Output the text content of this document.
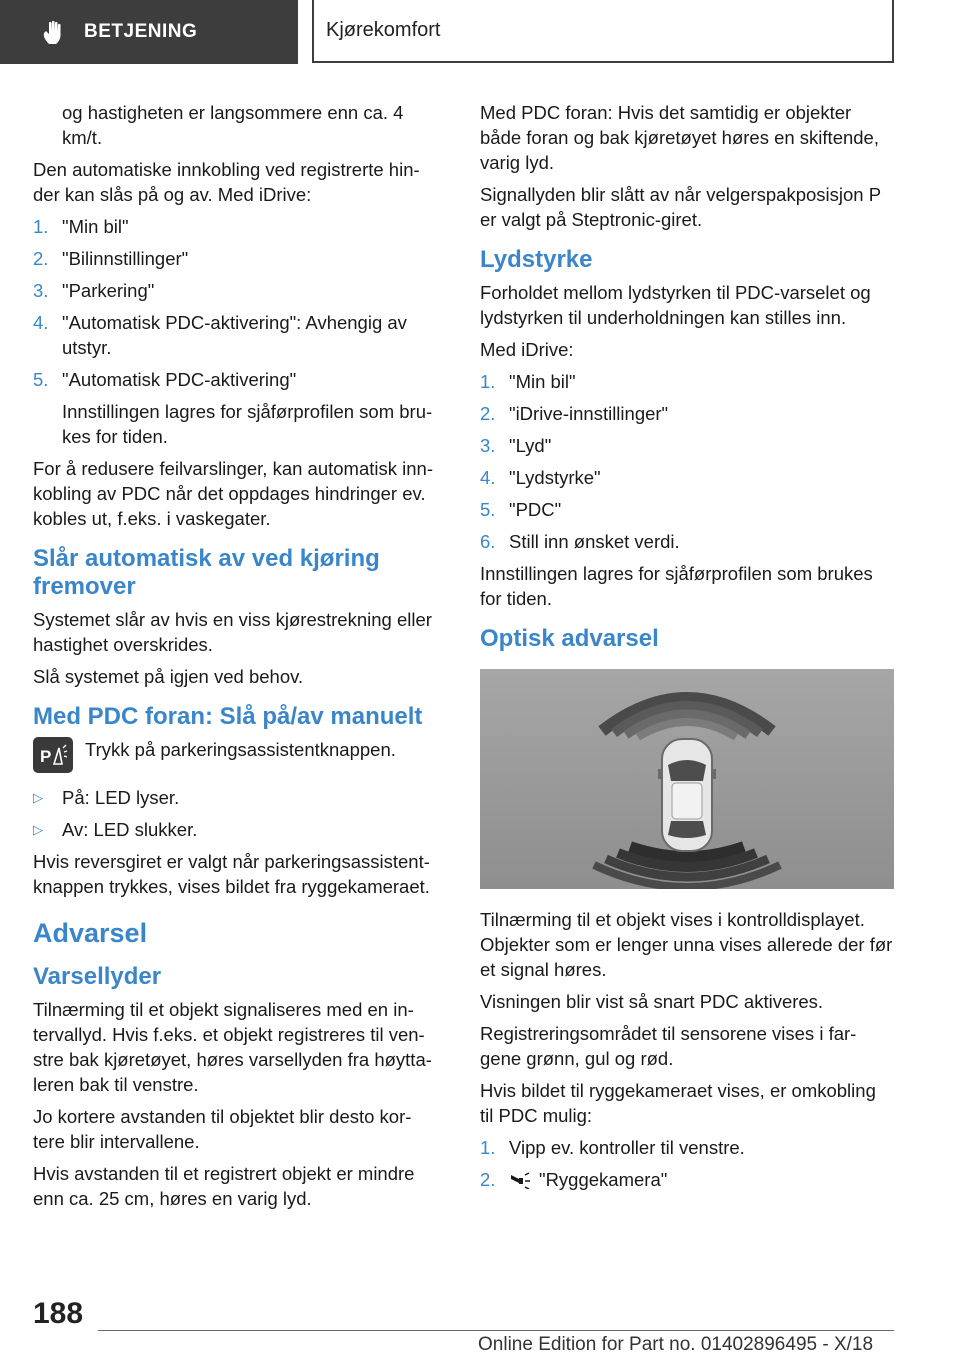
BETJENING	Kjørekomfort

og hastigheten er langsommere enn ca. 4 km/t.

Den automatiske innkobling ved registrerte hin-der kan slås på og av. Med iDrive:

1. "Min bil"
2. "Bilinnstillinger"
3. "Parkering"
4. "Automatisk PDC-aktivering": Avhengig av utstyr.
5. "Automatisk PDC-aktivering"

Innstillingen lagres for sjåførprofilen som bru-kes for tiden.

For å redusere feilvarslinger, kan automatisk inn-kobling av PDC når det oppdages hindringer ev. kobles ut, f.eks. i vaskegater.

Slår automatisk av ved kjøring fremover

Systemet slår av hvis en viss kjørestrekning eller hastighet overskrides.

Slå systemet på igjen ved behov.

Med PDC foran: Slå på/av manuelt
P Trykk på parkeringsassistentknappen.
▷	På: LED lyser.
▷	Av: LED slukker.

Hvis reversgiret er valgt når parkeringsassistent-knappen trykkes, vises bildet fra ryggekameraet.

Advarsel
Varsellyder

Tilnærming til et objekt signaliseres med en in-tervallyd. Hvis f.eks. et objekt registreres til ven-stre bak kjøretøyet, høres varsellyden fra høytta-leren bak til venstre.

Jo kortere avstanden til objektet blir desto kor-tere blir intervallene.

Hvis avstanden til et registrert objekt er mindre enn ca. 25 cm, høres en varig lyd.

Med PDC foran: Hvis det samtidig er objekter både foran og bak kjøretøyet høres en skiftende, varig lyd.

Signallyden blir slått av når velgerspakposisjon P er valgt på Steptronic-giret.

Lydstyrke

Forholdet mellom lydstyrken til PDC-varselet og lydstyrken til underholdningen kan stilles inn.

Med iDrive:

1. "Min bil"
2. "iDrive-innstillinger"
3. "Lyd"
4. "Lydstyrke"
5. "PDC"
6. Still inn ønsket verdi.

Innstillingen lagres for sjåførprofilen som brukes for tiden.

Optisk advarsel

Tilnærming til et objekt vises i kontrolldisplayet. Objekter som er lenger unna vises allerede der før et signal høres.

Visningen blir vist så snart PDC aktiveres.

Registreringsområdet til sensorene vises i far-gene grønn, gul og rød.

Hvis bildet til ryggekameraet vises, er omkobling til PDC mulig:

1. Vipp ev. kontroller til venstre.
2.	"Ryggekamera"
188
Online Edition for Part no. 01402896495 - X/18
